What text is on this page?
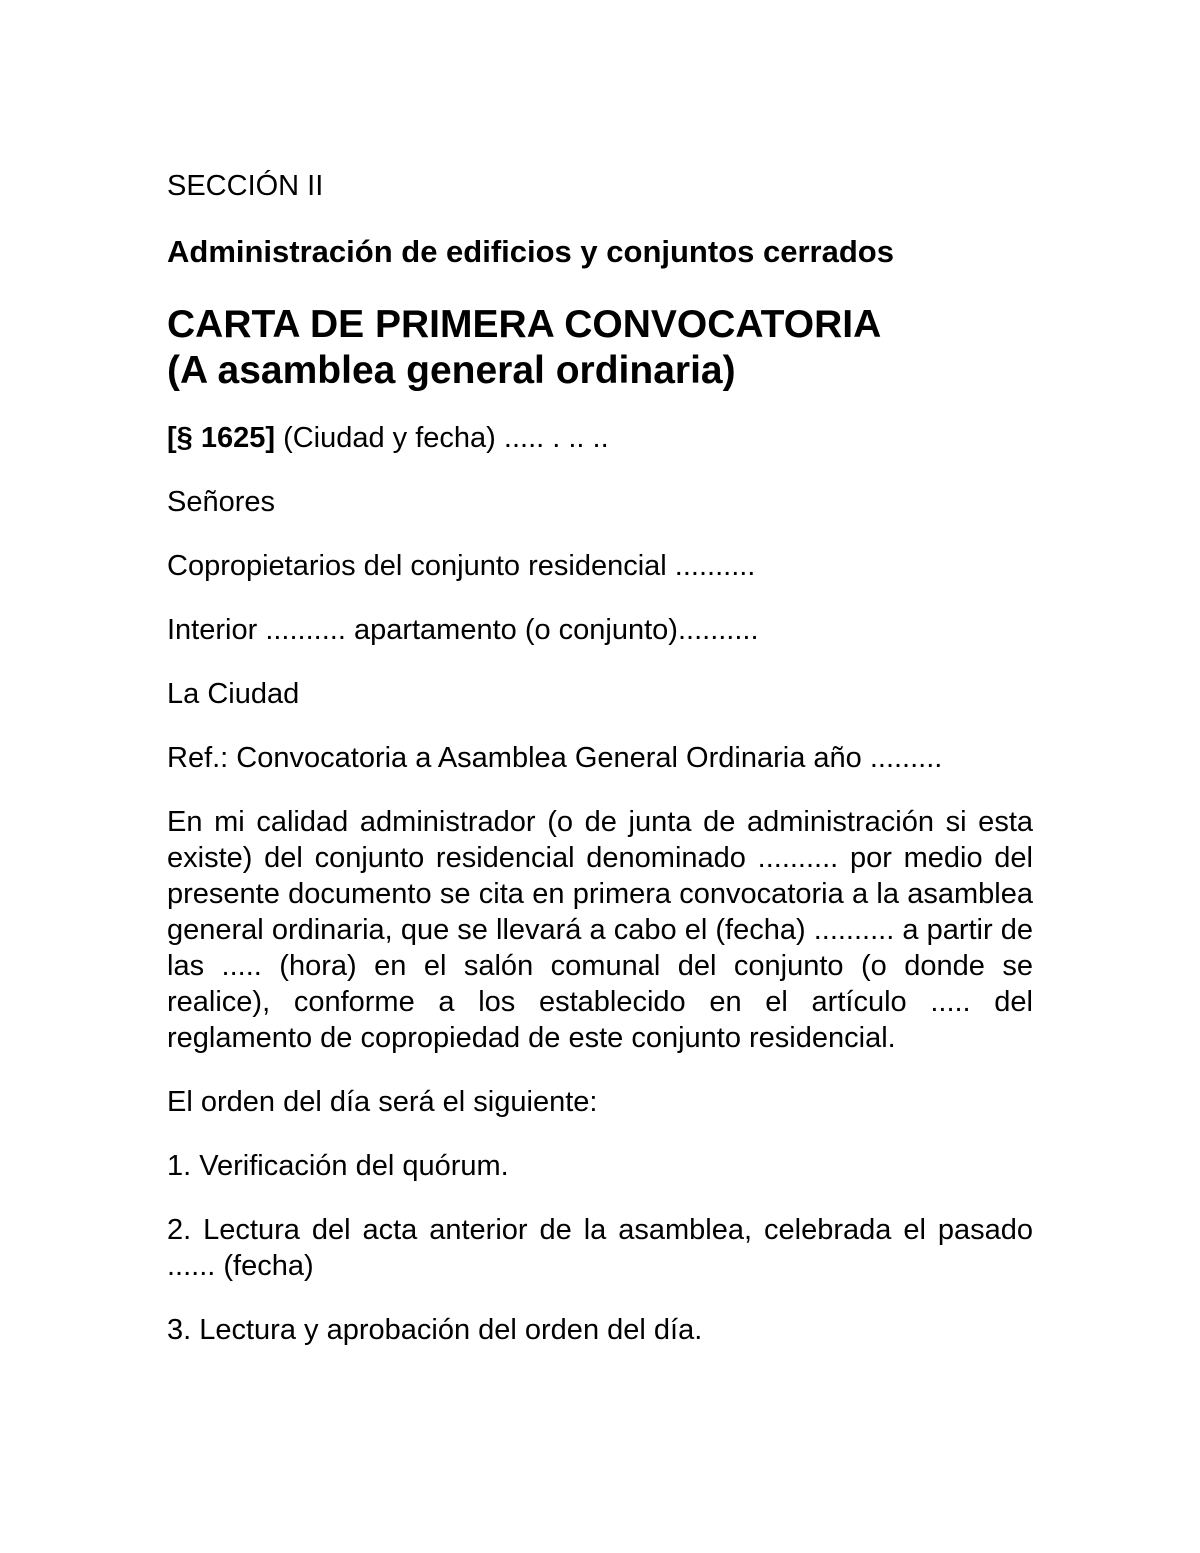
SECCIÓN II

Administración de edificios y conjuntos cerrados

CARTA DE PRIMERA CONVOCATORIA
(A asamblea general ordinaria)

[§ 1625] (Ciudad y fecha) ..... . .. ..

Señores

Copropietarios del conjunto residencial ..........

Interior .......... apartamento (o conjunto)..........

La Ciudad

Ref.: Convocatoria a Asamblea General Ordinaria año .........

En mi calidad administrador (o de junta de administración si esta existe) del conjunto residencial denominado .......... por medio del presente documento se cita en primera convocatoria a la asamblea general ordinaria, que se llevará a cabo el (fecha) .......... a partir de las ..... (hora) en el salón comunal del conjunto (o donde se realice), conforme a los establecido en el artículo ..... del reglamento de copropiedad de este conjunto residencial.

El orden del día será el siguiente:

1. Verificación del quórum.

2. Lectura del acta anterior de la asamblea, celebrada el pasado ...... (fecha)

3. Lectura y aprobación del orden del día.
